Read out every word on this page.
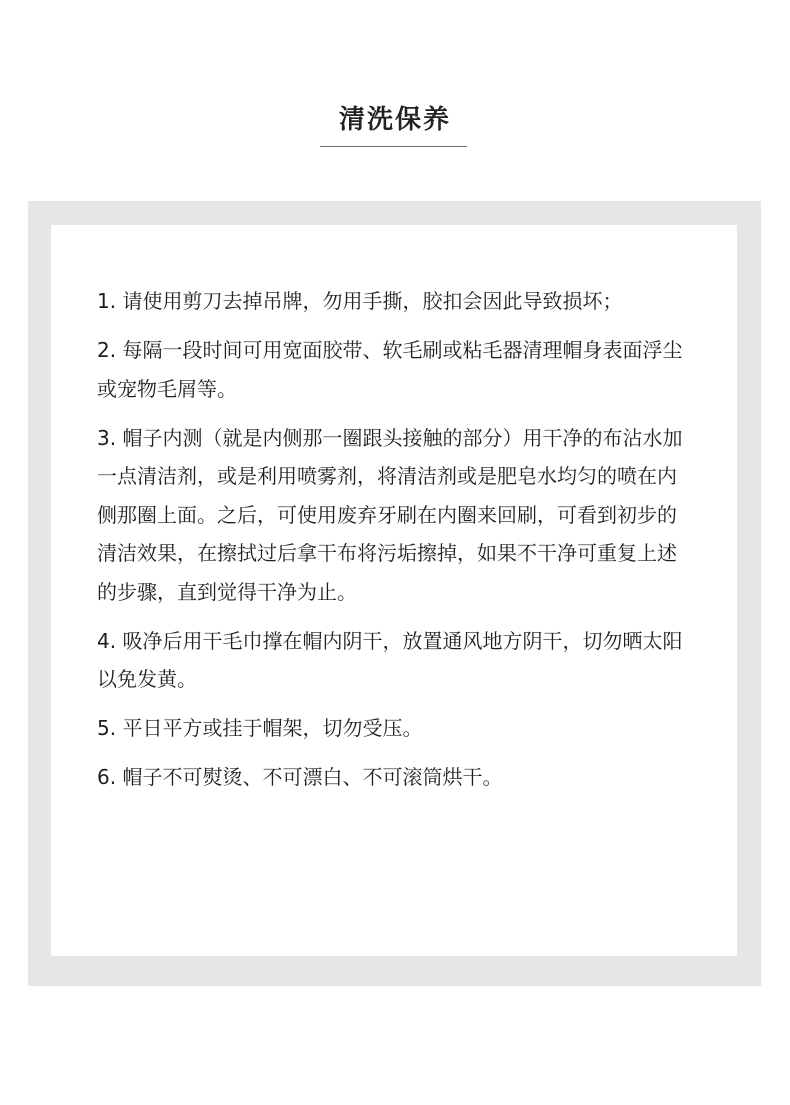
清洗保养
1. 请使用剪刀去掉吊牌，勿用手撕，胶扣会因此导致损坏；
2. 每隔一段时间可用宽面胶带、软毛刷或粘毛器清理帽身表面浮尘或宠物毛屑等。
3. 帽子内测（就是内侧那一圈跟头接触的部分）用干净的布沾水加一点清洁剂，或是利用喷雾剂，将清洁剂或是肥皂水均匀的喷在内侧那圈上面。之后，可使用废弃牙刷在内圈来回刷，可看到初步的清洁效果，在擦拭过后拿干布将污垢擦掉，如果不干净可重复上述的步骤，直到觉得干净为止。
4. 吸净后用干毛巾撑在帽内阴干，放置通风地方阴干，切勿晒太阳以免发黄。
5. 平日平方或挂于帽架，切勿受压。
6. 帽子不可熨烫、不可漂白、不可滚筒烘干。
